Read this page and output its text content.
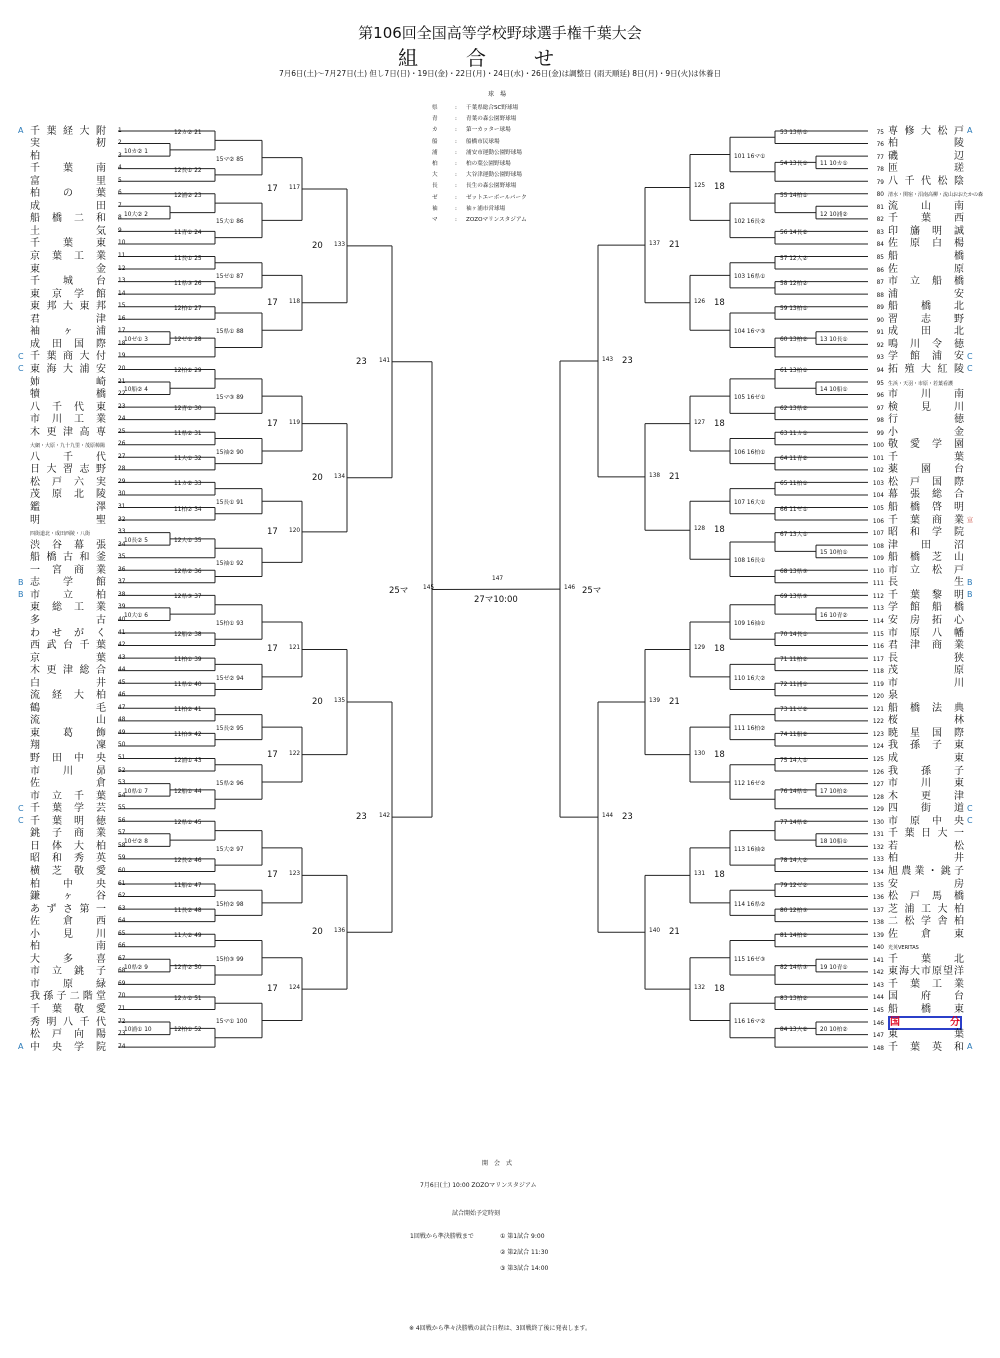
第106回全国高等学校野球選手権千葉大会
組合せ
7月6日(土)～7月27日(土) 但し7日(日)・19日(金)・22日(月)・24日(水)・26日(金)は調整日 (雨天順延) 8日(月)・9日(火)は休養日
球場
県	: 千葉県総合SC野球場
青	: 青葉の森公園野球場
カ	: 第一カッター球場
船	: 船橋市民球場
浦	: 浦安市運動公園野球場
柏	: 柏の葉公園野球場
大	: 大谷津運動公園野球場
長	: 長生の森公園野球場
ゼ	: ゼットエーボールパーク
袖	: 袖ヶ浦市営球場
マ	: ZOZOマリンスタジアム
千葉経大附 1
A
実籾 2
柏	3
千葉南 4
富里 5
柏の葉 6
成田 7
船橋二和 8
土気 9
千葉東 10
京葉工業 11
東金 12
千城台 13
東京学館 14
東邦大東邦 15
君津 16
袖ヶ浦 17
成田国際 18
千葉商大付 19
C
東海大浦安 20
C
姉崎 21
犢橋 22
八千代東 23
市川工業 24
木更津高専 25
大網・大原・九十九里・茂原樟陽 26
八千代 27
日大習志野 28
松戸六実 29
茂原北陵 30
鑑澤 31
明聖 32
四街道北・成田西陵・八街	33
渋谷幕張 34
船橋古和釜 35
一宮商業 36
志学館 37
B
市立柏 38
B
東総工業 39
多古 40
わせがく 41
西武台千葉 42
京葉 43
木更津総合 44
白井 45
流経大柏 46
鶴毛 47
流山 48
東葛飾 49
翔凜 50
野田中央 51
市川昴 52
佐倉 53
市立千葉 54
千葉学芸 55
C
千葉明徳 56
C
銚子商業 57
日体大柏 58
昭和秀英 59
横芝敬愛 60
柏中央 61
鎌ヶ谷 62
あずさ第一 63
佐倉西 64
小見川 65
柏南 66
大多喜 67
市立銚子 68
市原緑 69
我孫子二階堂 70
千葉敬愛 71
秀明八千代 72
松戸向陽 73
中央学院 74
A
75 専修大松戸 A
76 柏陵
77 磯辺
78 匝瑳
79 八千代松陰
80 清水・関宿・沼南高柳・流山おおたかの森
81 流山南
82 千葉西
83 印旛明誠
84 佐原白楊
85 船橋
86 佐原
87 市立船橋
88 浦安
89 船橋北
90 習志野
91 成田北
92 鳴川令徳
93 学館浦安 C
94 拓殖大紅陵 C
95 生浜・天羽・市原・若葉看護
96 市川南
97 検見川
98 行徳
99 小金
100 敬愛学園
101 千葉
102 薬園台
103 松戸国際
104 幕張総合
105 船橋啓明
106 千葉商業 宣
107 昭和学院
108 津田沼
109 船橋芝山
110 市立松戸
111 長生 B
112 千葉黎明 B
113 学館船橋
114 安房拓心
115 市原八幡
116 君津商業
117 長狭
118 茂原
119 市川
120 泉
121 船橋法典
122 桜林
123 暁星国際
124 我孫子東
125 成東
126 我孫子
127 市川東
128 木更津
129 四街道 C
130 市原中央 C
131 千葉日大一
132 若松
133 柏井
134 旭農業・銚子
135 安房
136 松戸馬橋
137 芝浦工大柏
138 二松学舎柏
139 佐倉東
140 光英VERITAS
141 千葉北
142 東海大市原望洋
143 千葉工業
144 国府台
145 船橋東
146 国分
147 東葉
148 千葉英和 A
10カ② 1
10大② 2
10ゼ① 3
10船② 4
10長② 5
10大① 6
10県① 7
10ゼ② 8
10県② 9
10浦① 10
12カ② 21
12長① 22
12浦② 23
11青① 24
11長① 25
11県③ 26
12柏① 27
12ゼ① 28
12柏② 29
12青① 30
11県② 31
11大① 32
11カ② 33
11柏② 34
12大① 35
12県② 36
12県③ 37
12船② 38
11柏① 39
11県① 40
11柏② 41
11柏③ 42
12浦① 43
12船① 44
12県① 45
12長② 46
11船① 47
11長② 48
11大② 49
12青② 50
12カ① 51
12柏① 52
15マ② 85
15大① 86
15ゼ① 87
15県① 88
15マ③ 89
15袖② 90
15長① 91
15袖① 92
15柏① 93
15ゼ② 94
15長② 95
15県② 96
15大② 97
15柏② 98
15柏③ 99
15マ① 100
17 117
17 118
17 119
17 120
17 121
17 122
17 123
17 124
20 133
20 134
20 135
20 136
23 141
23 142
25マ	145
11 10カ①
12 10浦②
13 10長①
14 10船①
15 10柏①
16 10青②
17 10柏②
18 10船①
19 10青①
20 10柏②
53 13県①
54 13長①
55 14柏①
56 14長②
57 12大②
58 12柏②
59 13柏①
60 13柏②
61 13柏①
62 13県②
63 11カ①
64 11青②
65 11柏①
66 11ゼ①
67 13大①
68 13県③
69 13県③
70 14長①
71 11柏②
72 11浦①
73 11ゼ②
74 11船②
75 14大①
76 14県①
77 14県②
78 14大②
79 12ゼ②
80 12柏③
81 14柏②
82 14県③
83 13柏②
84 13大②
101 16マ①
102 16長②
103 16県①
104 16マ③
105 16ゼ①
106 16柏①
107 16大①
108 16長①
109 16袖①
110 16大②
111 16柏②
112 16ゼ②
113 16袖②
114 16県②
115 16ゼ③
116 16マ②
125 18
126 18
127 18
128 18
129 18
130 18
131 18
132 18
137 21
138 21
139 21
140 21
143 23
144 23
146 25マ
147
27マ10:00
開会式
7月6日(土) 10:00 ZOZOマリンスタジアム
試合開始予定時刻
1回戦から準決勝戦まで	① 第1試合 9:00
② 第2試合 11:30
③ 第3試合 14:00
※ 4回戦から準々決勝戦の試合日程は、3回戦終了後に発表します。
